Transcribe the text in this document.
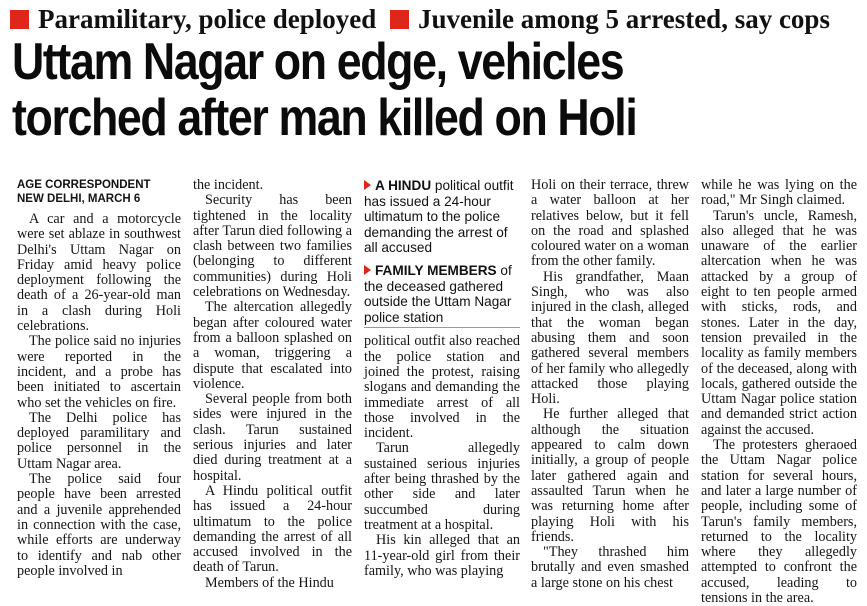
Paramilitary, police deployed Juvenile among 5 arrested, say cops
Uttam Nagar on edge, vehicles
torched after man killed on Holi
AGE CORRESPONDENT
NEW DELHI, MARCH 6

A car and a motorcycle were set ablaze in southwest Delhi's Uttam Nagar on Friday amid heavy police deployment following the death of a 26-year-old man in a clash during Holi celebrations.

The police said no injuries were reported in the incident, and a probe has been initiated to ascertain who set the vehicles on fire.

The Delhi police has deployed paramilitary and police personnel in the Uttam Nagar area.

The police said four people have been arrested and a juvenile apprehended in connection with the case, while efforts are underway to identify and nab other people involved in

the incident.

Security has been tightened in the locality after Tarun died following a clash between two families (belonging to different communities) during Holi celebrations on Wednesday.

The altercation allegedly began after coloured water from a balloon splashed on a woman, triggering a dispute that escalated into violence.

Several people from both sides were injured in the clash. Tarun sustained serious injuries and later died during treatment at a hospital.

A Hindu political outfit has issued a 24-hour ultimatum to the police demanding the arrest of all accused involved in the death of Tarun.

Members of the Hindu

A HINDU political outfit has issued a 24-hour ultimatum to the police demanding the arrest of all accused
FAMILY MEMBERS of the deceased gathered outside the Uttam Nagar police station

political outfit also reached the police station and joined the protest, raising slogans and demanding the immediate arrest of all those involved in the incident.

Tarun allegedly sustained serious injuries after being thrashed by the other side and later succumbed during treatment at a hospital.

His kin alleged that an 11-year-old girl from their family, who was playing

Holi on their terrace, threw a water balloon at her relatives below, but it fell on the road and splashed coloured water on a woman from the other family.

His grandfather, Maan Singh, who was also injured in the clash, alleged that the woman began abusing them and soon gathered several members of her family who allegedly attacked those playing Holi.

He further alleged that although the situation appeared to calm down initially, a group of people later gathered again and assaulted Tarun when he was returning home after playing Holi with his friends.

"They thrashed him brutally and even smashed a large stone on his chest

while he was lying on the road," Mr Singh claimed.

Tarun's uncle, Ramesh, also alleged that he was unaware of the earlier altercation when he was attacked by a group of eight to ten people armed with sticks, rods, and stones. Later in the day, tension prevailed in the locality as family members of the deceased, along with locals, gathered outside the Uttam Nagar police station and demanded strict action against the accused.

The protesters gheraoed the Uttam Nagar police station for several hours, and later a large number of people, including some of Tarun's family members, returned to the locality where they allegedly attempted to confront the accused, leading to tensions in the area.
